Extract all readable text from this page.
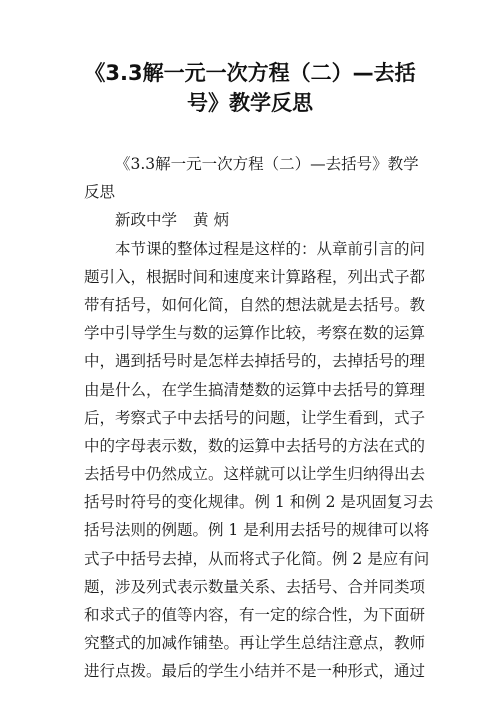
《3.3解一元一次方程（二）—去括
号》教学反思
《3.3解一元一次方程（二）—去括号》教学
反思
新政中学 黄 炳
本节课的整体过程是这样的：从章前引言的问
题引入，根据时间和速度来计算路程，列出式子都
带有括号，如何化简，自然的想法就是去括号。教
学中引导学生与数的运算作比较，考察在数的运算
中，遇到括号时是怎样去掉括号的，去掉括号的理
由是什么，在学生搞清楚数的运算中去括号的算理
后，考察式子中去括号的问题，让学生看到，式子
中的字母表示数，数的运算中去括号的方法在式的
去括号中仍然成立。这样就可以让学生归纳得出去
括号时符号的变化规律。例 1 和例 2 是巩固复习去
括号法则的例题。例 1 是利用去括号的规律可以将
式子中括号去掉，从而将式子化简。例 2 是应有问
题，涉及列式表示数量关系、去括号、合并同类项
和求式子的值等内容，有一定的综合性，为下面研
究整式的加减作铺垫。再让学生总结注意点，教师
进行点拨。最后的学生小结并不是一种形式，通过
